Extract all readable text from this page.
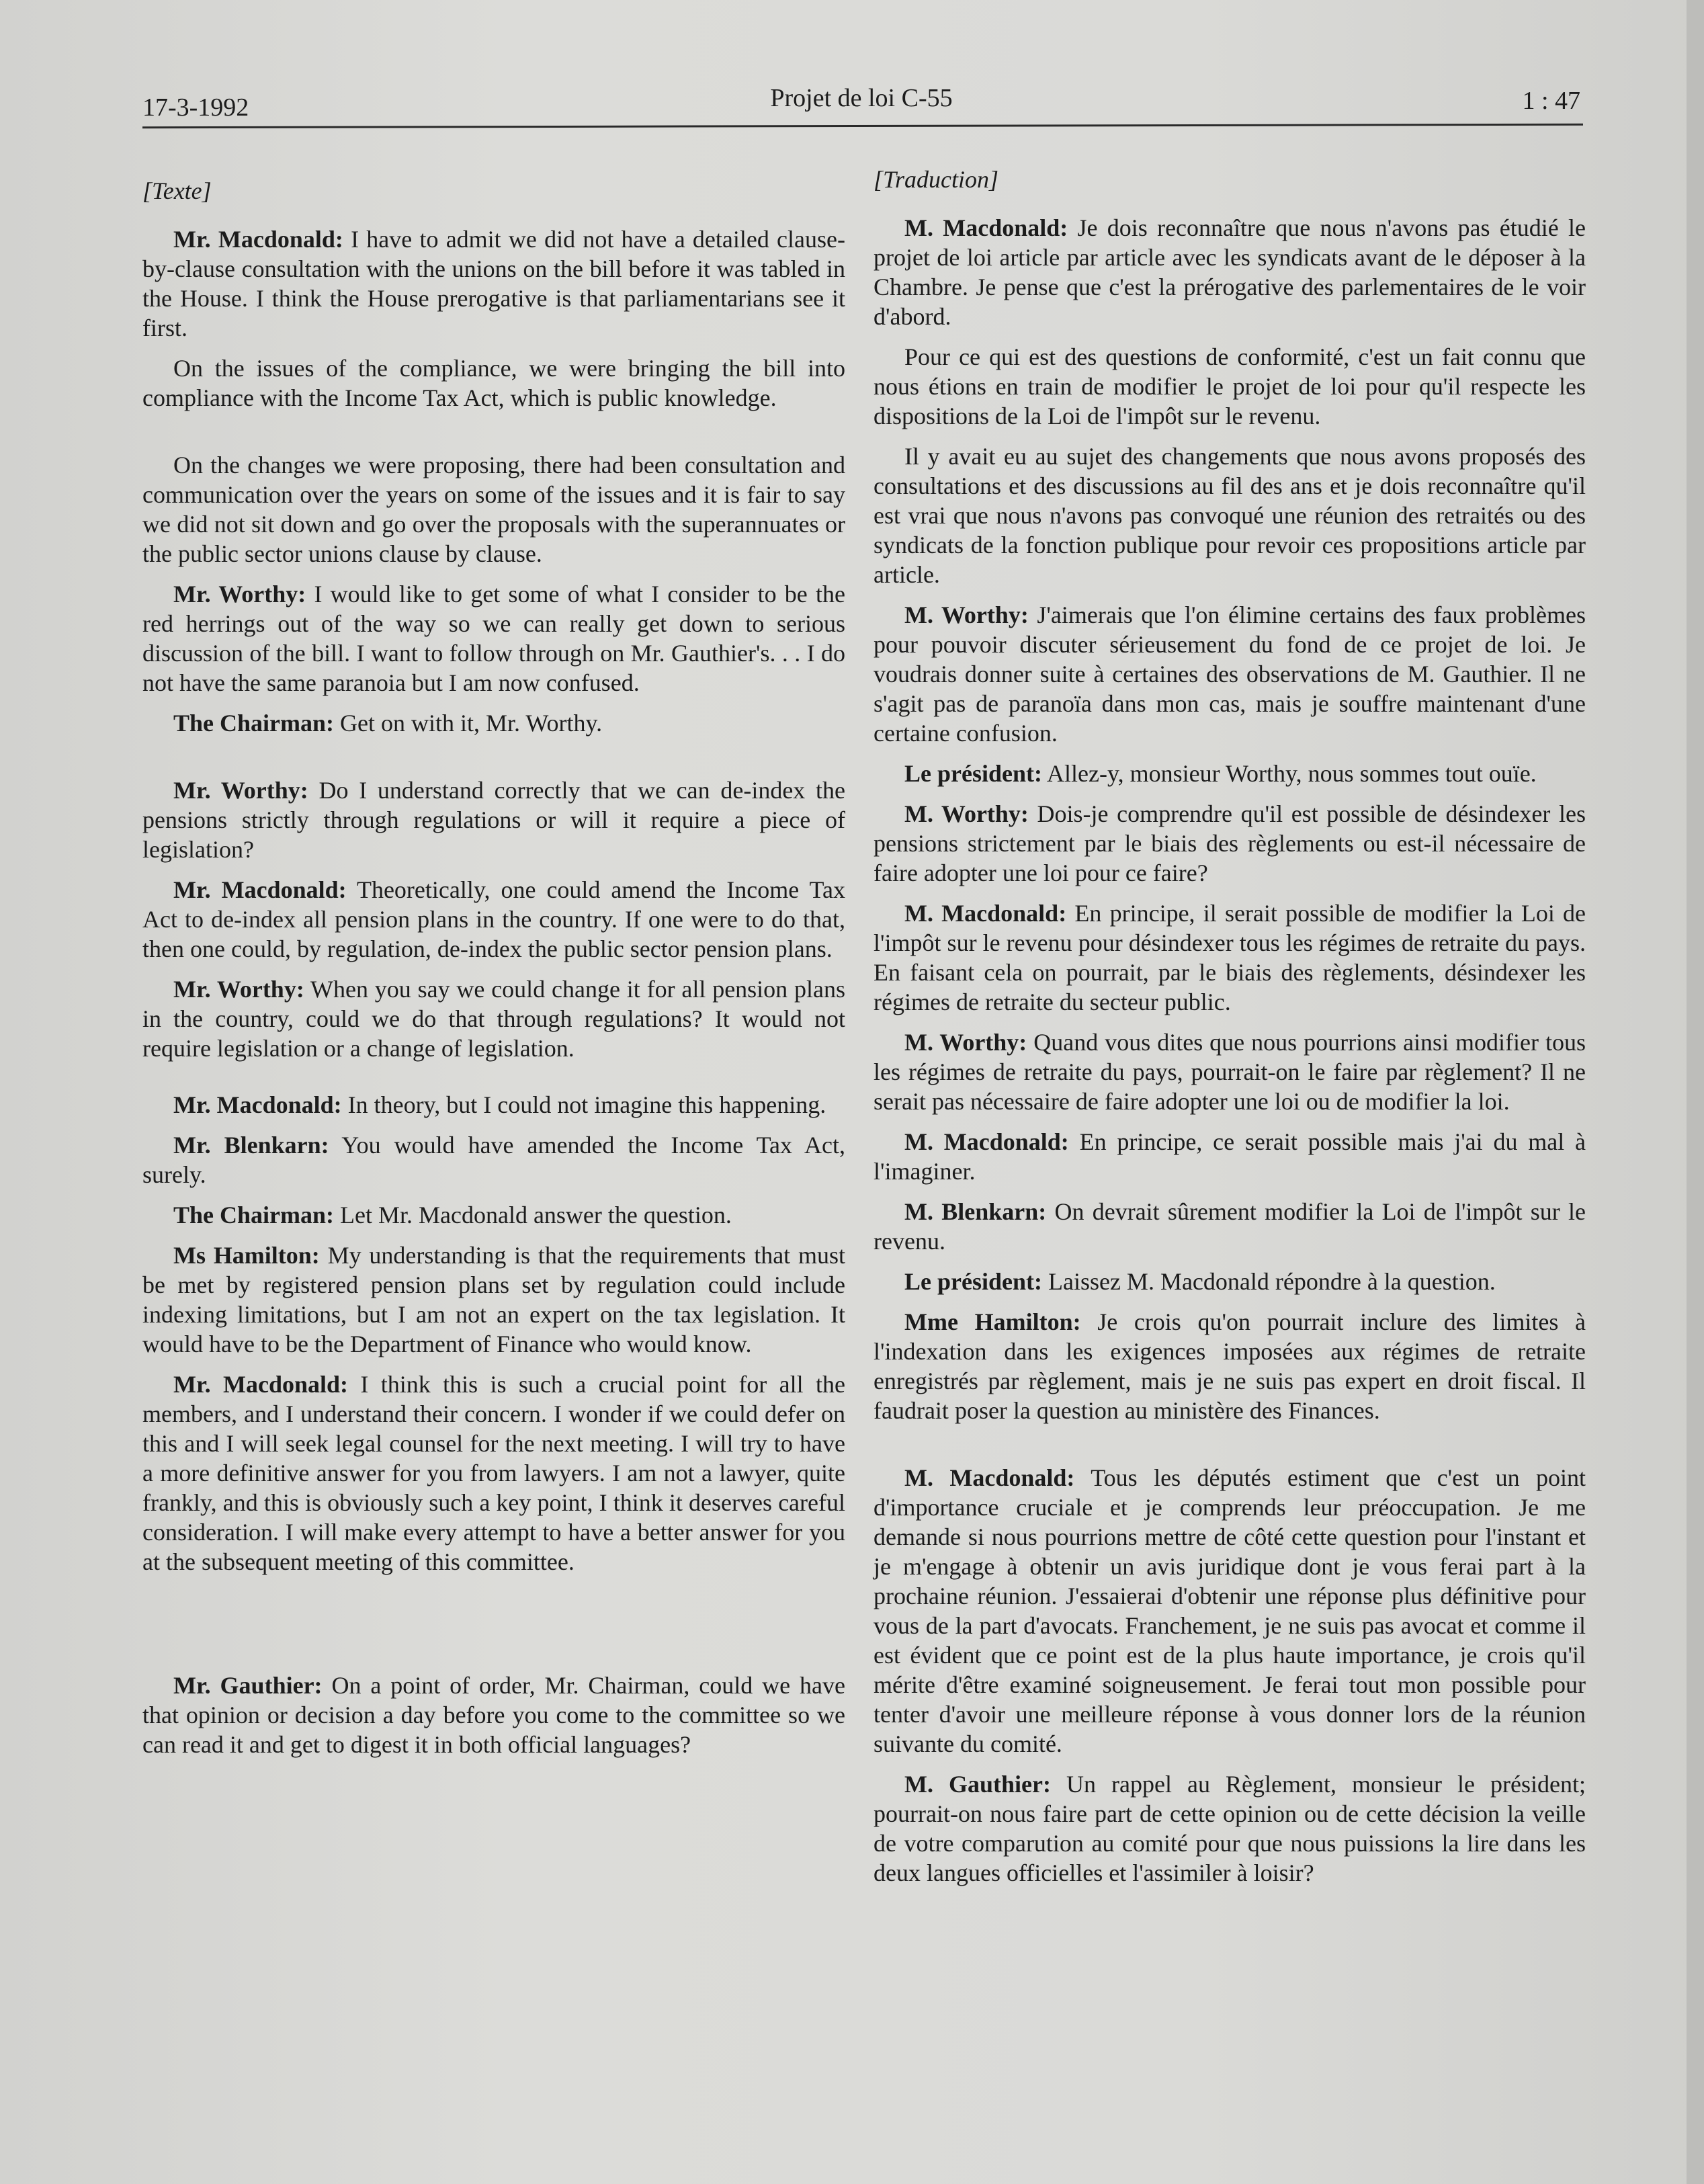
17-3-1992	Projet de loi C-55	1 : 47
[Texte]

Mr. Macdonald: I have to admit we did not have a detailed clause-by-clause consultation with the unions on the bill before it was tabled in the House. I think the House prerogative is that parliamentarians see it first.

On the issues of the compliance, we were bringing the bill into compliance with the Income Tax Act, which is public knowledge.

On the changes we were proposing, there had been consultation and communication over the years on some of the issues and it is fair to say we did not sit down and go over the proposals with the superannuates or the public sector unions clause by clause.

Mr. Worthy: I would like to get some of what I consider to be the red herrings out of the way so we can really get down to serious discussion of the bill. I want to follow through on Mr. Gauthier's. . . I do not have the same paranoia but I am now confused.

The Chairman: Get on with it, Mr. Worthy.

Mr. Worthy: Do I understand correctly that we can de-index the pensions strictly through regulations or will it require a piece of legislation?

Mr. Macdonald: Theoretically, one could amend the Income Tax Act to de-index all pension plans in the country. If one were to do that, then one could, by regulation, de-index the public sector pension plans.

Mr. Worthy: When you say we could change it for all pension plans in the country, could we do that through regulations? It would not require legislation or a change of legislation.

Mr. Macdonald: In theory, but I could not imagine this happening.

Mr. Blenkarn: You would have amended the Income Tax Act, surely.

The Chairman: Let Mr. Macdonald answer the question.

Ms Hamilton: My understanding is that the requirements that must be met by registered pension plans set by regulation could include indexing limitations, but I am not an expert on the tax legislation. It would have to be the Department of Finance who would know.

Mr. Macdonald: I think this is such a crucial point for all the members, and I understand their concern. I wonder if we could defer on this and I will seek legal counsel for the next meeting. I will try to have a more definitive answer for you from lawyers. I am not a lawyer, quite frankly, and this is obviously such a key point, I think it deserves careful consideration. I will make every attempt to have a better answer for you at the subsequent meeting of this committee.

Mr. Gauthier: On a point of order, Mr. Chairman, could we have that opinion or decision a day before you come to the committee so we can read it and get to digest it in both official languages?

[Traduction]

M. Macdonald: Je dois reconnaître que nous n'avons pas étudié le projet de loi article par article avec les syndicats avant de le déposer à la Chambre. Je pense que c'est la prérogative des parlementaires de le voir d'abord.

Pour ce qui est des questions de conformité, c'est un fait connu que nous étions en train de modifier le projet de loi pour qu'il respecte les dispositions de la Loi de l'impôt sur le revenu.

Il y avait eu au sujet des changements que nous avons proposés des consultations et des discussions au fil des ans et je dois reconnaître qu'il est vrai que nous n'avons pas convoqué une réunion des retraités ou des syndicats de la fonction publique pour revoir ces propositions article par article.

M. Worthy: J'aimerais que l'on élimine certains des faux problèmes pour pouvoir discuter sérieusement du fond de ce projet de loi. Je voudrais donner suite à certaines des observations de M. Gauthier. Il ne s'agit pas de paranoïa dans mon cas, mais je souffre maintenant d'une certaine confusion.

Le président: Allez-y, monsieur Worthy, nous sommes tout ouïe.

M. Worthy: Dois-je comprendre qu'il est possible de désindexer les pensions strictement par le biais des règlements ou est-il nécessaire de faire adopter une loi pour ce faire?

M. Macdonald: En principe, il serait possible de modifier la Loi de l'impôt sur le revenu pour désindexer tous les régimes de retraite du pays. En faisant cela on pourrait, par le biais des règlements, désindexer les régimes de retraite du secteur public.

M. Worthy: Quand vous dites que nous pourrions ainsi modifier tous les régimes de retraite du pays, pourrait-on le faire par règlement? Il ne serait pas nécessaire de faire adopter une loi ou de modifier la loi.

M. Macdonald: En principe, ce serait possible mais j'ai du mal à l'imaginer.

M. Blenkarn: On devrait sûrement modifier la Loi de l'impôt sur le revenu.

Le président: Laissez M. Macdonald répondre à la question.

Mme Hamilton: Je crois qu'on pourrait inclure des limites à l'indexation dans les exigences imposées aux régimes de retraite enregistrés par règlement, mais je ne suis pas expert en droit fiscal. Il faudrait poser la question au ministère des Finances.

M. Macdonald: Tous les députés estiment que c'est un point d'importance cruciale et je comprends leur préoccupation. Je me demande si nous pourrions mettre de côté cette question pour l'instant et je m'engage à obtenir un avis juridique dont je vous ferai part à la prochaine réunion. J'essaierai d'obtenir une réponse plus définitive pour vous de la part d'avocats. Franchement, je ne suis pas avocat et comme il est évident que ce point est de la plus haute importance, je crois qu'il mérite d'être examiné soigneusement. Je ferai tout mon possible pour tenter d'avoir une meilleure réponse à vous donner lors de la réunion suivante du comité.

M. Gauthier: Un rappel au Règlement, monsieur le président; pourrait-on nous faire part de cette opinion ou de cette décision la veille de votre comparution au comité pour que nous puissions la lire dans les deux langues officielles et l'assimiler à loisir?
